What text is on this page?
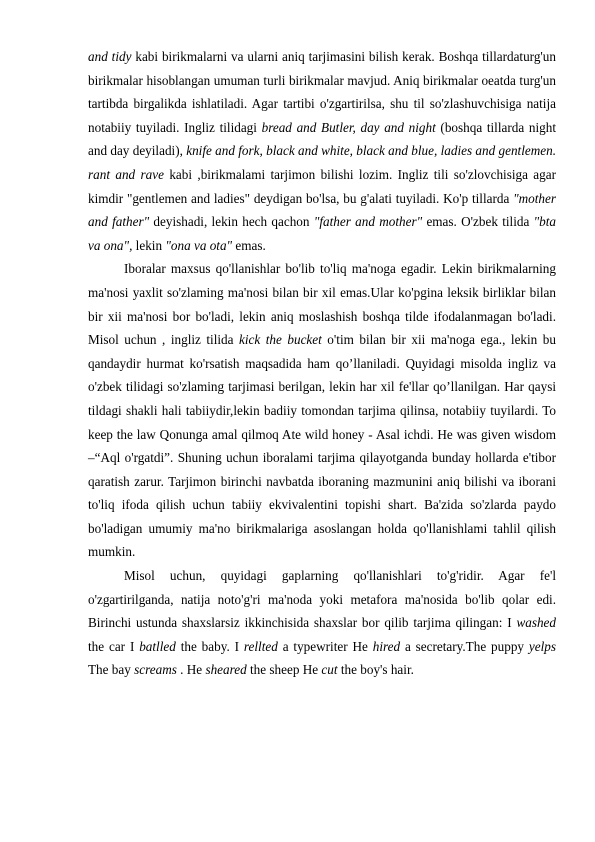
and tidy kabi birikmalarni va ularni aniq tarjimasini bilish kerak. Boshqa tillardaturg'un birikmalar hisoblangan umuman turli birikmalar mavjud. Aniq birikmalar oeatda turg'un tartibda birgalikda ishlatiladi. Agar tartibi o'zgartirilsa, shu til so'zlashuvchisiga natija notabiiy tuyiladi. Ingliz tilidagi bread and Butler, day and night (boshqa tillarda night and day deyiladi), knife and fork, black and white, black and blue, ladies and gentlemen. rant and rave kabi ,birikmalami tarjimon bilishi lozim. Ingliz tili so'zlovchisiga agar kimdir "gentlemen and ladies" deydigan bo'lsa, bu g'alati tuyiladi. Ko'p tillarda "mother and father" deyishadi, lekin hech qachon "father and mother" emas. O'zbek tilida "bta va ona", lekin "ona va ota" emas.

Iboralar maxsus qo'llanishlar bo'lib to'liq ma'noga egadir. Lekin birikmalarning ma'nosi yaxlit so'zlaming ma'nosi bilan bir xil emas.Ular ko'pgina leksik birliklar bilan bir xii ma'nosi bor bo'ladi, lekin aniq moslashish boshqa tilde ifodalanmagan bo'ladi. Misol uchun , ingliz tilida kick the bucket o'tim bilan bir xii ma'noga ega., lekin bu qandaydir hurmat ko'rsatish maqsadida ham qo’llaniladi. Quyidagi misolda ingliz va o'zbek tilidagi so'zlaming tarjimasi berilgan, lekin har xil fe'llar qo’llanilgan. Har qaysi tildagi shakli hali tabiiydir,lekin badiiy tomondan tarjima qilinsa, notabiiy tuyilardi. To keep the law Qonunga amal qilmoq Ate wild honey - Asal ichdi. He was given wisdom –“Aql o'rgatdi”. Shuning uchun iboralami tarjima qilayotganda bunday hollarda e'tibor qaratish zarur. Tarjimon birinchi navbatda iboraning mazmunini aniq bilishi va iborani to'liq ifoda qilish uchun tabiiy ekvivalentini topishi shart. Ba'zida so'zlarda paydo bo'ladigan umumiy ma'no birikmalariga asoslangan holda qo'llanishlami tahlil qilish mumkin.

Misol uchun, quyidagi gaplarning qo'llanishlari to'g'ridir. Agar fe'l o'zgartirilganda, natija noto'g'ri ma'noda yoki metafora ma'nosida bo'lib qolar edi. Birinchi ustunda shaxslarsiz ikkinchisida shaxslar bor qilib tarjima qilingan: I washed the car I batlled the baby. I rellted a typewriter He hired a secretary.The puppy yelps The bay screams . He sheared the sheep He cut the boy's hair.
